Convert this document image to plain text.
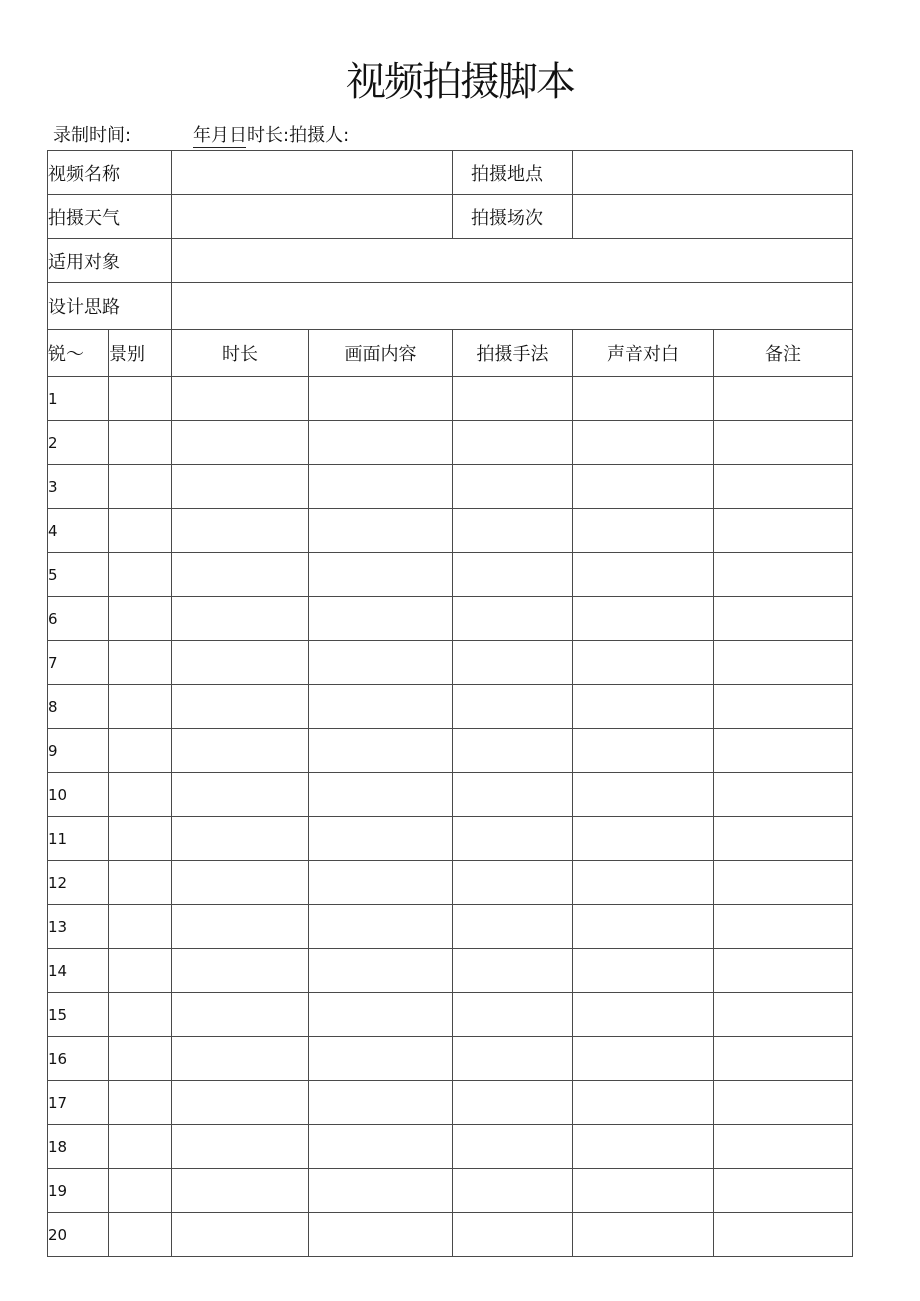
视频拍摄脚本
录制时间:	年月日时长:拍摄人:
视频名称				拍摄地点		
拍摄天气				拍摄场次		
适用对象						
设计思路						
锐〜	景别	时长	画面内容	拍摄手法	声音对白	备注
1						
2						
3						
4						
5						
6						
7						
8						
9						
10						
11						
12						
13						
14						
15						
16						
17						
18						
19						
20						
